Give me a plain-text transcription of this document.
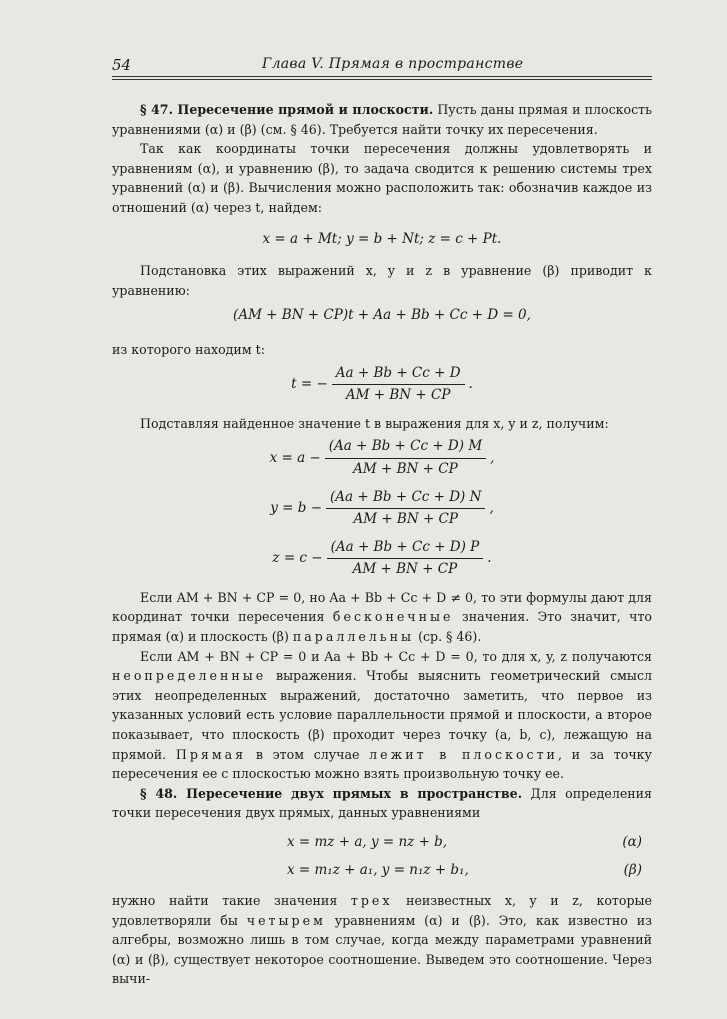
54	Глава V. Прямая в пространстве

§ 47. Пересечение прямой и плоскости. Пусть даны прямая и плоскость уравнениями (α) и (β) (см. § 46). Требуется найти точку их пересечения.

Так как координаты точки пересечения должны удовлетворять и уравнениям (α), и уравнению (β), то задача сводится к решению системы трех уравнений (α) и (β). Вычисления можно расположить так: обозначив каждое из отношений (α) через t, найдем:

x = a + Mt; y = b + Nt; z = c + Pt.

Подстановка этих выражений x, y и z в уравнение (β) приводит к уравнению:

(AM + BN + CP)t + Aa + Bb + Cc + D = 0,

из которого находим t:

t = − $\frac{Aa + Bb + Cc + D}{AM + BN + CP}$ .

Подставляя найденное значение t в выражения для x, y и z, получим:

$x = a - \frac{(Aa + Bb + Cc + D) M}{AM + BN + CP}$ ,
$y = b - \frac{(Aa + Bb + Cc + D) N}{AM + BN + CP}$ ,
$z = c - \frac{(Aa + Bb + Cc + D) P}{AM + BN + CP}$ .

Если AM + BN + CP = 0, но Aa + Bb + Cc + D ≠ 0, то эти формулы дают для координат точки пересечения бесконечные значения. Это значит, что прямая (α) и плоскость (β) параллельны (ср. § 46).

Если AM + BN + CP = 0 и Aa + Bb + Cc + D = 0, то для x, y, z получаются неопределенные выражения. Чтобы выяснить геометрический смысл этих неопределенных выражений, достаточно заметить, что первое из указанных условий есть условие параллельности прямой и плоскости, а второе показывает, что плоскость (β) проходит через точку (a, b, c), лежащую на прямой. Прямая в этом случае лежит в плоскости, и за точку пересечения ее с плоскостью можно взять произвольную точку ее.

§ 48. Пересечение двух прямых в пространстве. Для определения точки пересечения двух прямых, данных уравнениями

x = mz + a, y = nz + b,	(α)
x = m₁z + a₁, y = n₁z + b₁,	(β)

нужно найти такие значения трех неизвестных x, y и z, которые удовлетворяли бы четырем уравнениям (α) и (β). Это, как известно из алгебры, возможно лишь в том случае, когда между параметрами уравнений (α) и (β), существует некоторое соотношение. Выведем это соотношение. Через вычи-
